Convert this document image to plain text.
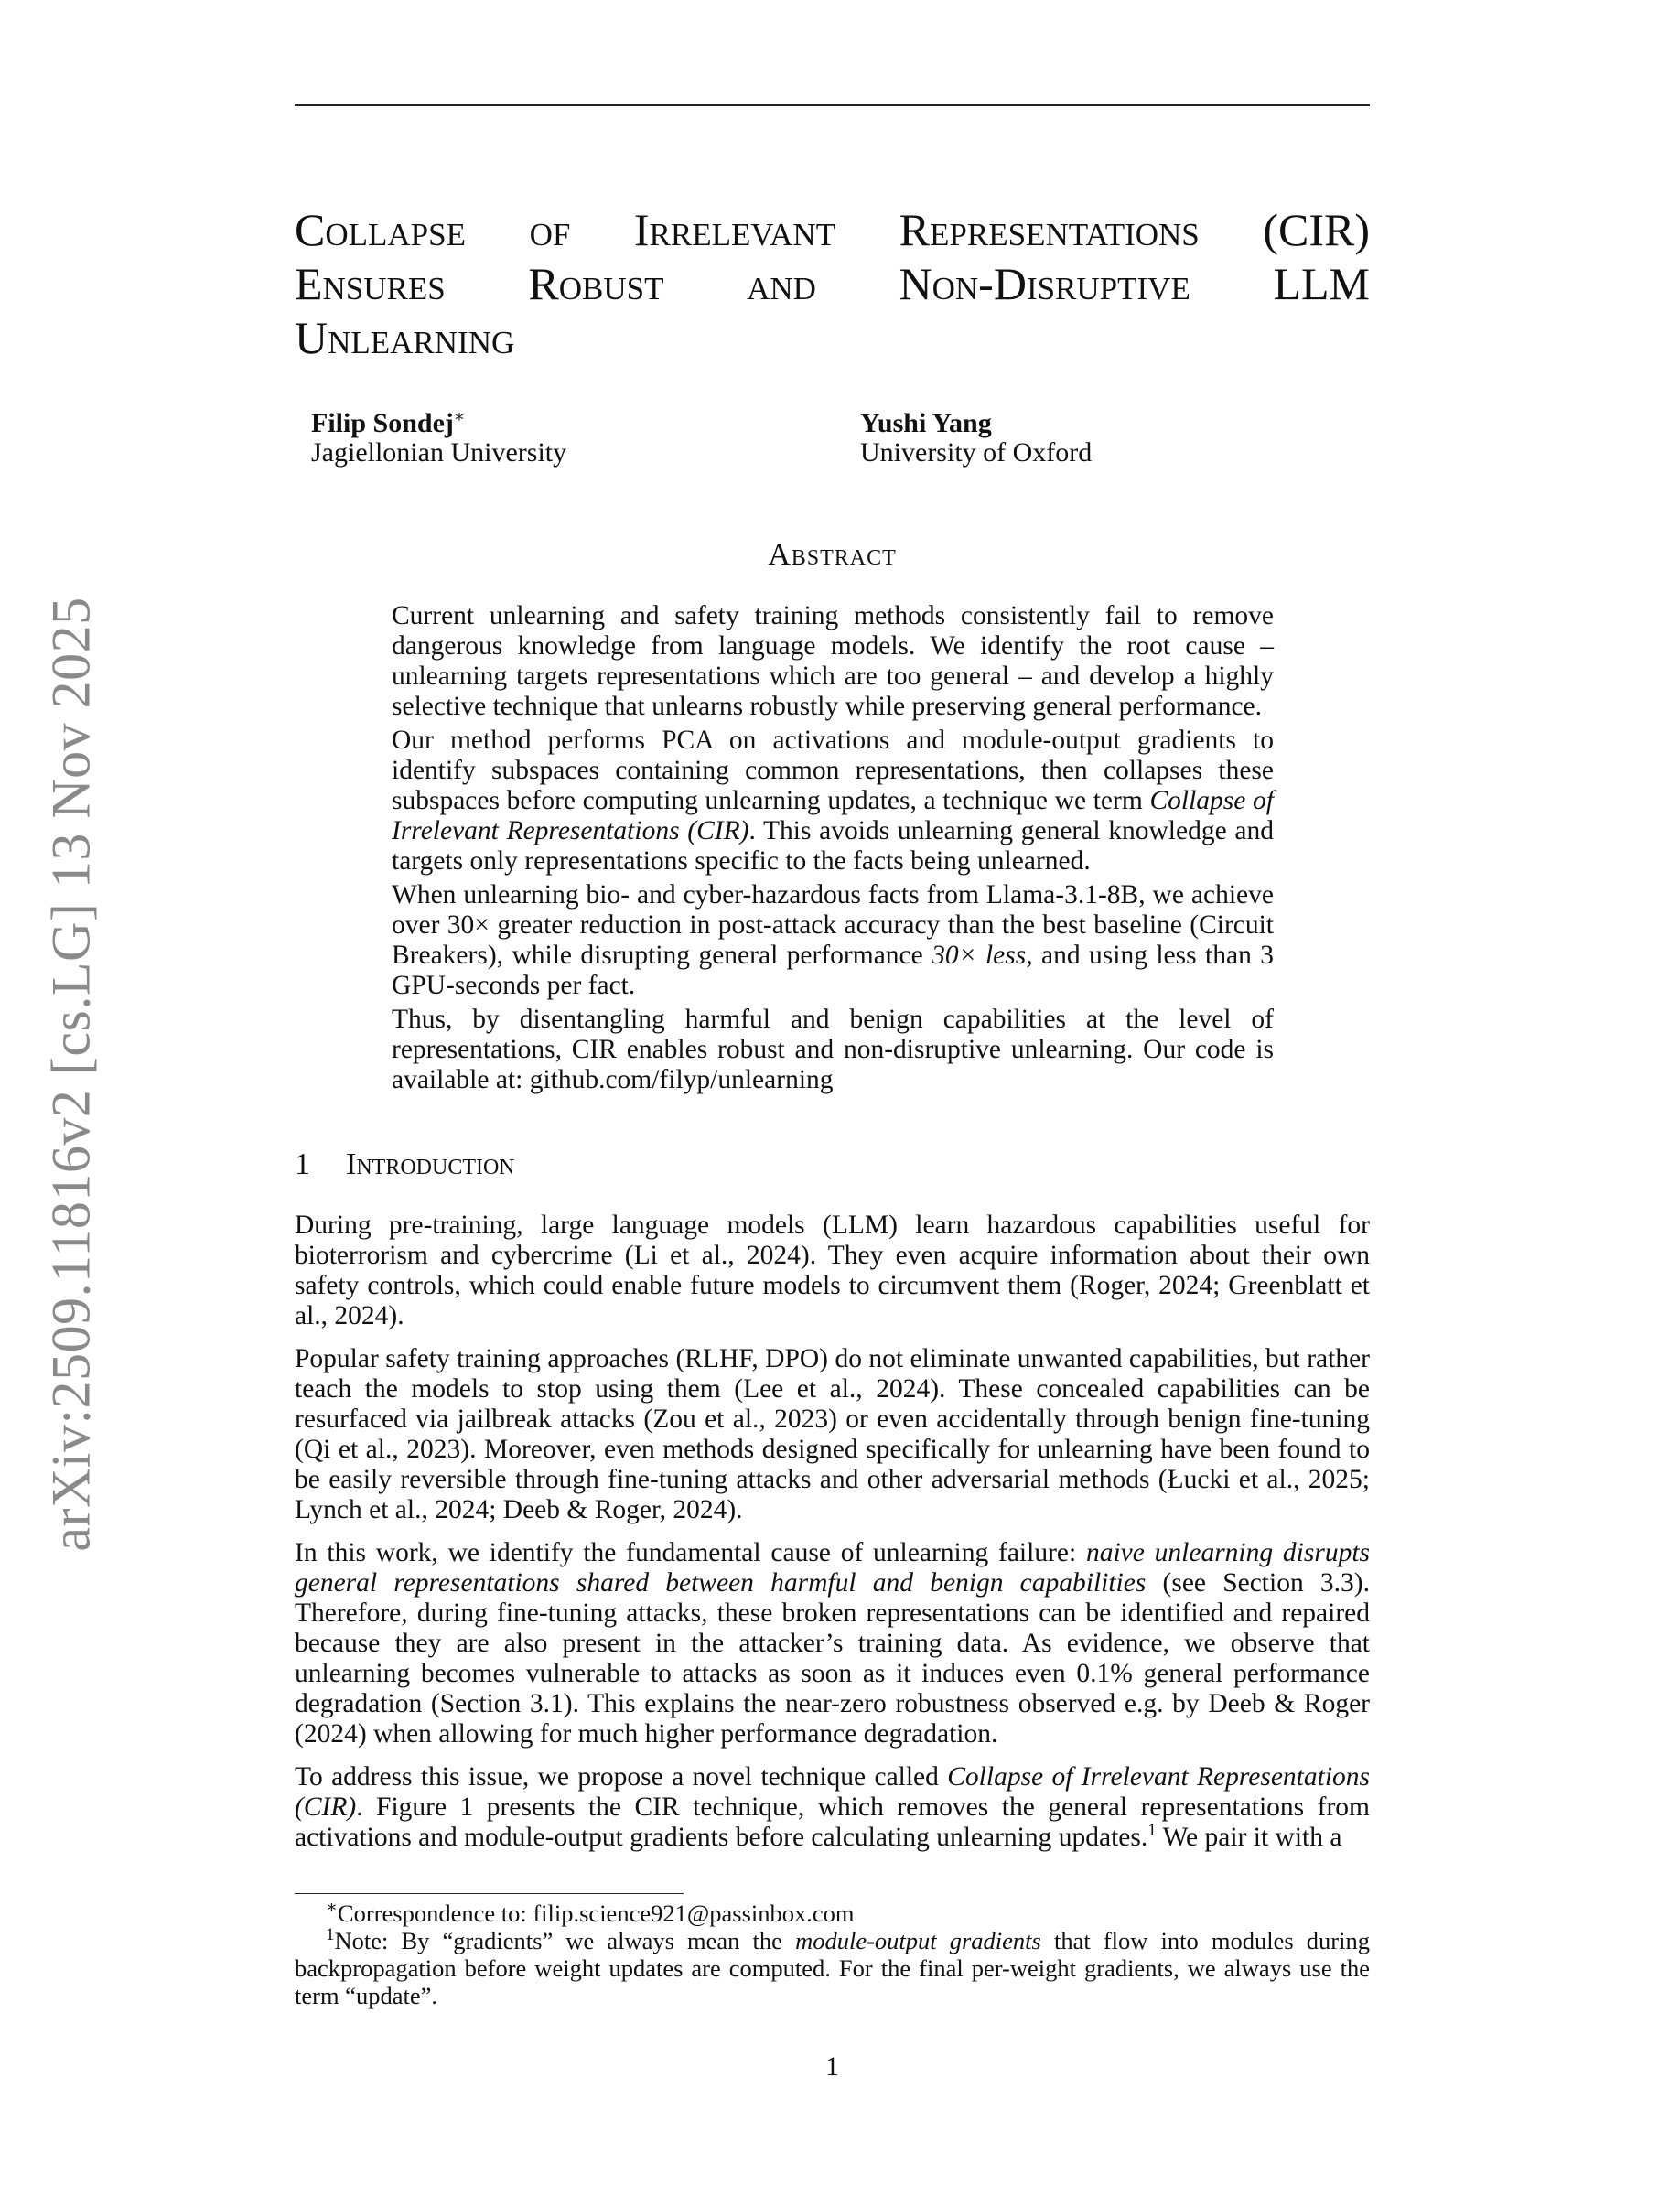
arXiv:2509.11816v2 [cs.LG] 13 Nov 2025
Collapse of Irrelevant Representations (CIR)
Ensures Robust and Non-Disruptive LLM
Unlearning
Filip Sondej∗
Jagiellonian University
Yushi Yang
University of Oxford
Abstract

Current unlearning and safety training methods consistently fail to remove dangerous knowledge from language models. We identify the root cause – unlearning targets representations which are too general – and develop a highly selective technique that unlearns robustly while preserving general performance.

Our method performs PCA on activations and module-output gradients to identify subspaces containing common representations, then collapses these subspaces before computing unlearning updates, a technique we term Collapse of Irrelevant Representations (CIR). This avoids unlearning general knowledge and targets only representations specific to the facts being unlearned.

When unlearning bio- and cyber-hazardous facts from Llama-3.1-8B, we achieve over 30× greater reduction in post-attack accuracy than the best baseline (Circuit Breakers), while disrupting general performance 30× less, and using less than 3 GPU-seconds per fact.

Thus, by disentangling harmful and benign capabilities at the level of representations, CIR enables robust and non-disruptive unlearning. Our code is available at: github.com/filyp/unlearning

1 Introduction

During pre-training, large language models (LLM) learn hazardous capabilities useful for bioterrorism and cybercrime (Li et al., 2024). They even acquire information about their own safety controls, which could enable future models to circumvent them (Roger, 2024; Greenblatt et al., 2024).

Popular safety training approaches (RLHF, DPO) do not eliminate unwanted capabilities, but rather teach the models to stop using them (Lee et al., 2024). These concealed capabilities can be resurfaced via jailbreak attacks (Zou et al., 2023) or even accidentally through benign fine-tuning (Qi et al., 2023). Moreover, even methods designed specifically for unlearning have been found to be easily reversible through fine-tuning attacks and other adversarial methods (Łucki et al., 2025; Lynch et al., 2024; Deeb & Roger, 2024).

In this work, we identify the fundamental cause of unlearning failure: naive unlearning disrupts general representations shared between harmful and benign capabilities (see Section 3.3). Therefore, during fine-tuning attacks, these broken representations can be identified and repaired because they are also present in the attacker’s training data. As evidence, we observe that unlearning becomes vulnerable to attacks as soon as it induces even 0.1% general performance degradation (Section 3.1). This explains the near-zero robustness observed e.g. by Deeb & Roger (2024) when allowing for much higher performance degradation.

To address this issue, we propose a novel technique called Collapse of Irrelevant Representations (CIR). Figure 1 presents the CIR technique, which removes the general representations from activations and module-output gradients before calculating unlearning updates.$^1$ We pair it with a

∗Correspondence to: filip.science921@passinbox.com

$^1$Note: By “gradients” we always mean the module-output gradients that flow into modules during backpropagation before weight updates are computed. For the final per-weight gradients, we always use the term “update”.

1
